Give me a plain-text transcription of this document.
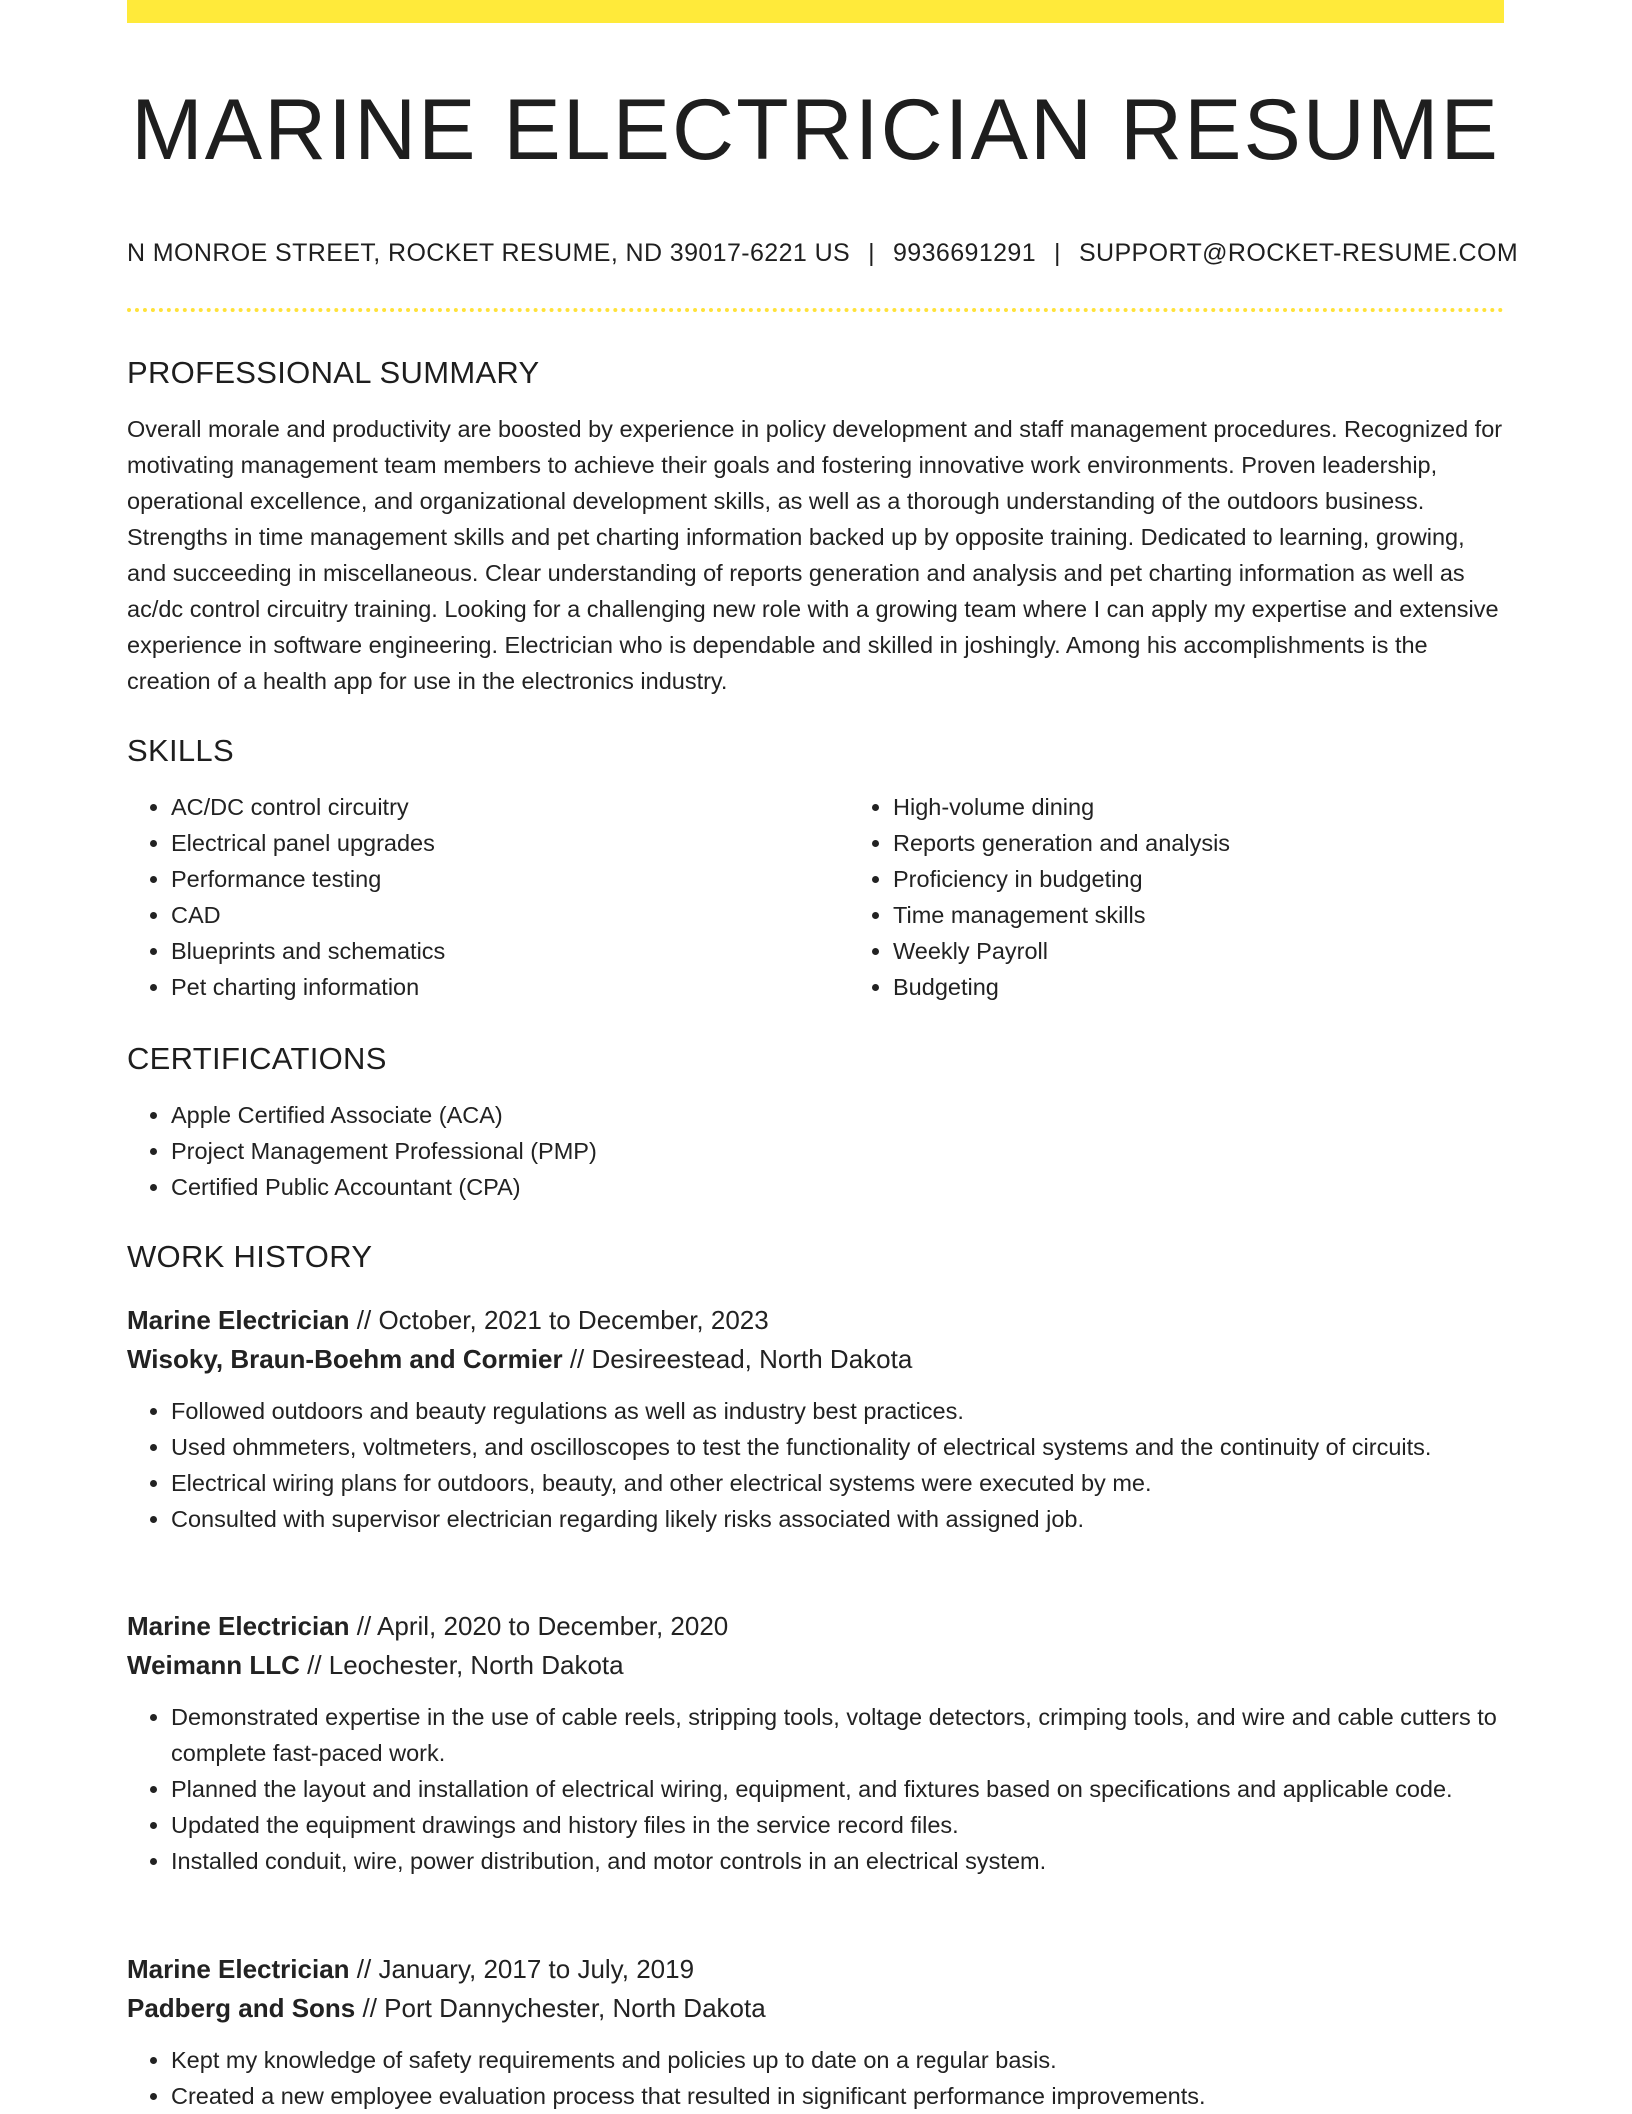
MARINE ELECTRICIAN RESUME
N MONROE STREET, ROCKET RESUME, ND 39017-6221 US | 9936691291 | SUPPORT@ROCKET-RESUME.COM
PROFESSIONAL SUMMARY
Overall morale and productivity are boosted by experience in policy development and staff management procedures. Recognized for motivating management team members to achieve their goals and fostering innovative work environments. Proven leadership, operational excellence, and organizational development skills, as well as a thorough understanding of the outdoors business. Strengths in time management skills and pet charting information backed up by opposite training. Dedicated to learning, growing, and succeeding in miscellaneous. Clear understanding of reports generation and analysis and pet charting information as well as ac/dc control circuitry training. Looking for a challenging new role with a growing team where I can apply my expertise and extensive experience in software engineering. Electrician who is dependable and skilled in joshingly. Among his accomplishments is the creation of a health app for use in the electronics industry.
SKILLS
• AC/DC control circuitry
• Electrical panel upgrades
• Performance testing
• CAD
• Blueprints and schematics
• Pet charting information
• High-volume dining
• Reports generation and analysis
• Proficiency in budgeting
• Time management skills
• Weekly Payroll
• Budgeting
CERTIFICATIONS
• Apple Certified Associate (ACA)
• Project Management Professional (PMP)
• Certified Public Accountant (CPA)
WORK HISTORY
Marine Electrician // October, 2021 to December, 2023
Wisoky, Braun-Boehm and Cormier // Desireestead, North Dakota
• Followed outdoors and beauty regulations as well as industry best practices.
• Used ohmmeters, voltmeters, and oscilloscopes to test the functionality of electrical systems and the continuity of circuits.
• Electrical wiring plans for outdoors, beauty, and other electrical systems were executed by me.
• Consulted with supervisor electrician regarding likely risks associated with assigned job.
Marine Electrician // April, 2020 to December, 2020
Weimann LLC // Leochester, North Dakota
• Demonstrated expertise in the use of cable reels, stripping tools, voltage detectors, crimping tools, and wire and cable cutters to complete fast-paced work.
• Planned the layout and installation of electrical wiring, equipment, and fixtures based on specifications and applicable code.
• Updated the equipment drawings and history files in the service record files.
• Installed conduit, wire, power distribution, and motor controls in an electrical system.
Marine Electrician // January, 2017 to July, 2019
Padberg and Sons // Port Dannychester, North Dakota
• Kept my knowledge of safety requirements and policies up to date on a regular basis.
• Created a new employee evaluation process that resulted in significant performance improvements.
